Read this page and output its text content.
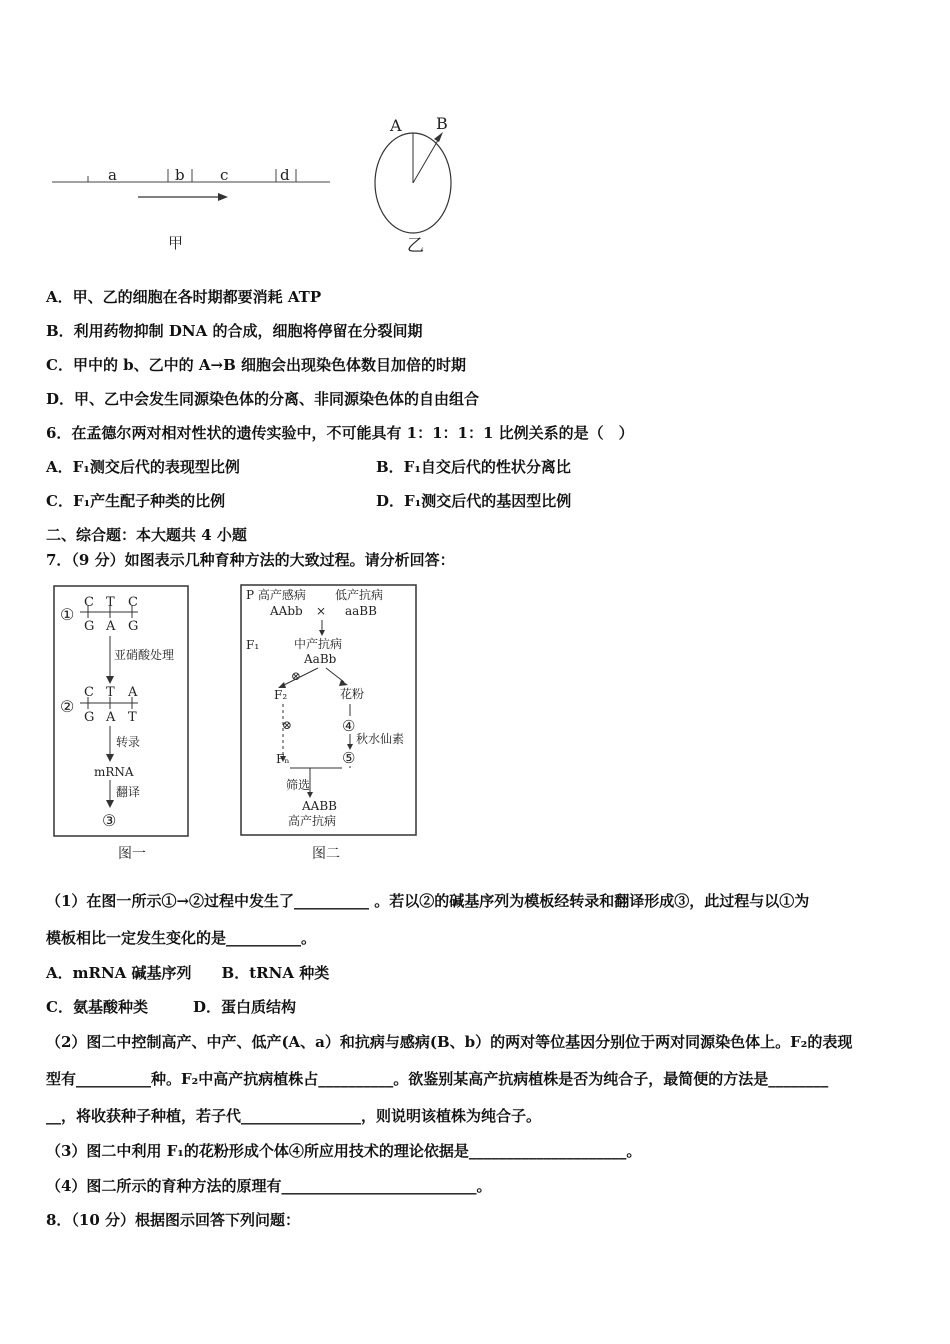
a	b c	d
甲
A B
乙
A．甲、乙的细胞在各时期都要消耗 ATP
B．利用药物抑制 DNA 的合成，细胞将停留在分裂间期
C．甲中的 b、乙中的 A→B 细胞会出现染色体数目加倍的时期
D．甲、乙中会发生同源染色体的分离、非同源染色体的自由组合
6．在孟德尔两对相对性状的遗传实验中，不可能具有 1：1：1：1 比例关系的是（　）
A．F₁测交后代的表现型比例	B．F₁自交后代的性状分离比
C．F₁产生配子种类的比例	D．F₁测交后代的基因型比例
二、综合题：本大题共 4 小题
7．（9 分）如图表示几种育种方法的大致过程。请分析回答：
①
C T C
G A G
亚硝酸处理
②
C T A
G A T
转录
mRNA
翻译
③
图一
P 高产感病 低产抗病
AAbb × aaBB
F₁	中产抗病
AaBb
⊗
F₂	花粉
⊗	④
秋水仙素
⑤
Fₙ
筛选
AABB
高产抗病
图二
（1）在图一所示①→②过程中发生了__________ 。若以②的碱基序列为模板经转录和翻译形成③，此过程与以①为
模板相比一定发生变化的是__________。
A．mRNA 碱基序列　　B．tRNA 种类
C．氨基酸种类　　　D．蛋白质结构
（2）图二中控制高产、中产、低产(A、a）和抗病与感病(B、b）的两对等位基因分别位于两对同源染色体上。F₂的表现
型有__________种。F₂中高产抗病植株占__________。欲鉴别某高产抗病植株是否为纯合子，最简便的方法是________
__，将收获种子种植，若子代________________，则说明该植株为纯合子。
（3）图二中利用 F₁的花粉形成个体④所应用技术的理论依据是_____________________。
（4）图二所示的育种方法的原理有__________________________。
8．（10 分）根据图示回答下列问题：
